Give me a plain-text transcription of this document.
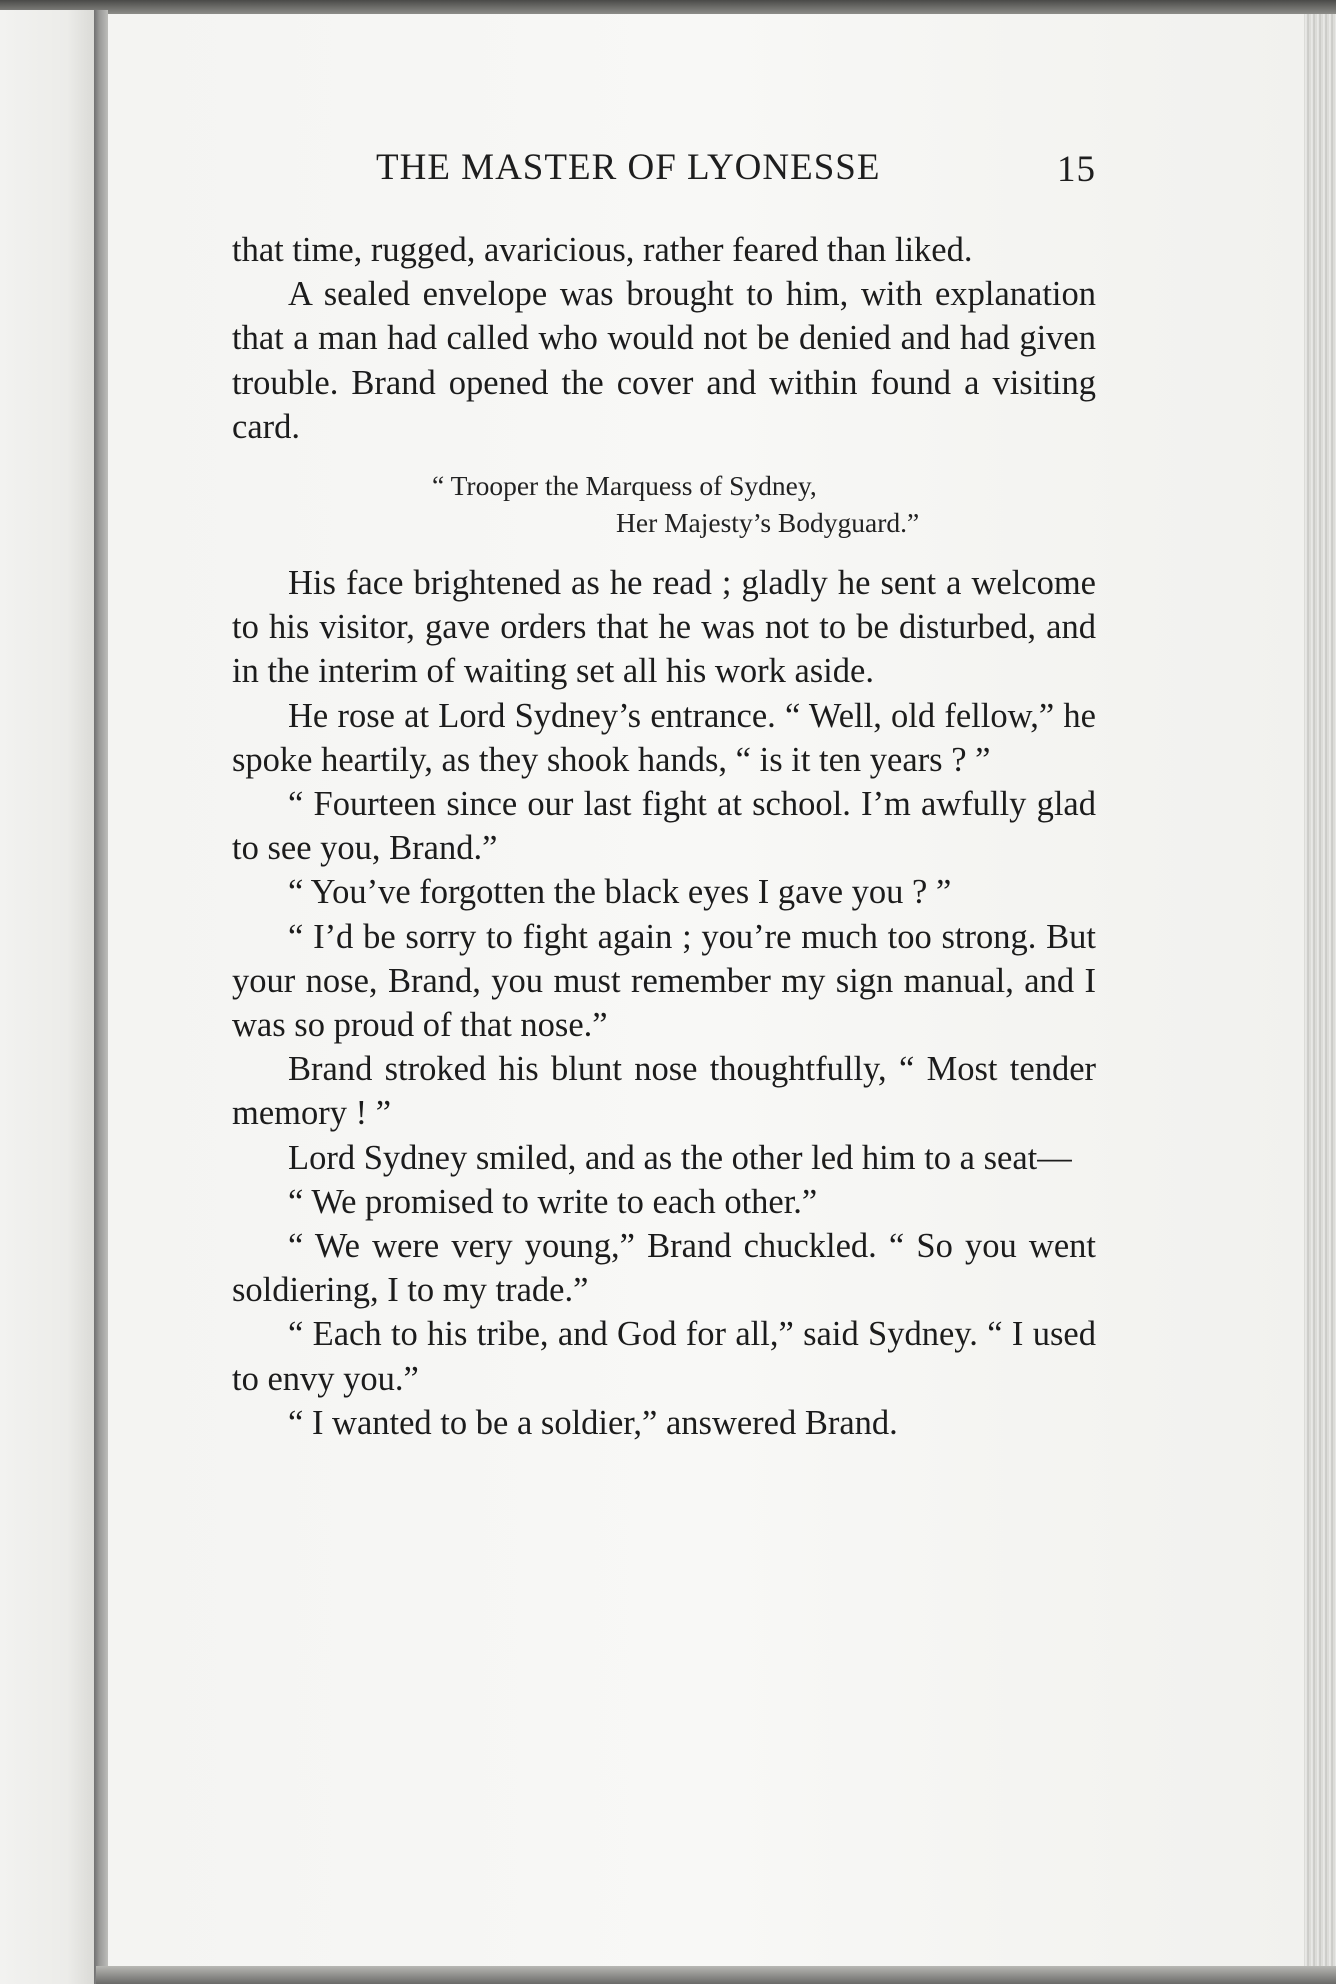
THE MASTER OF LYONESSE	15

that time, rugged, avaricious, rather feared than liked.

A sealed envelope was brought to him, with explanation that a man had called who would not be denied and had given trouble. Brand opened the cover and within found a visiting card.

“ Trooper the Marquess of Sydney,
Her Majesty’s Bodyguard.”

His face brightened as he read ; gladly he sent a welcome to his visitor, gave orders that he was not to be disturbed, and in the interim of waiting set all his work aside.

He rose at Lord Sydney’s entrance. “ Well, old fellow,” he spoke heartily, as they shook hands, “ is it ten years ? ”

“ Fourteen since our last fight at school. I’m awfully glad to see you, Brand.”

“ You’ve forgotten the black eyes I gave you ? ”

“ I’d be sorry to fight again ; you’re much too strong. But your nose, Brand, you must remember my sign manual, and I was so proud of that nose.”

Brand stroked his blunt nose thoughtfully, “ Most tender memory ! ”

Lord Sydney smiled, and as the other led him to a seat—

“ We promised to write to each other.”

“ We were very young,” Brand chuckled. “ So you went soldiering, I to my trade.”

“ Each to his tribe, and God for all,” said Sydney. “ I used to envy you.”

“ I wanted to be a soldier,” answered Brand.
